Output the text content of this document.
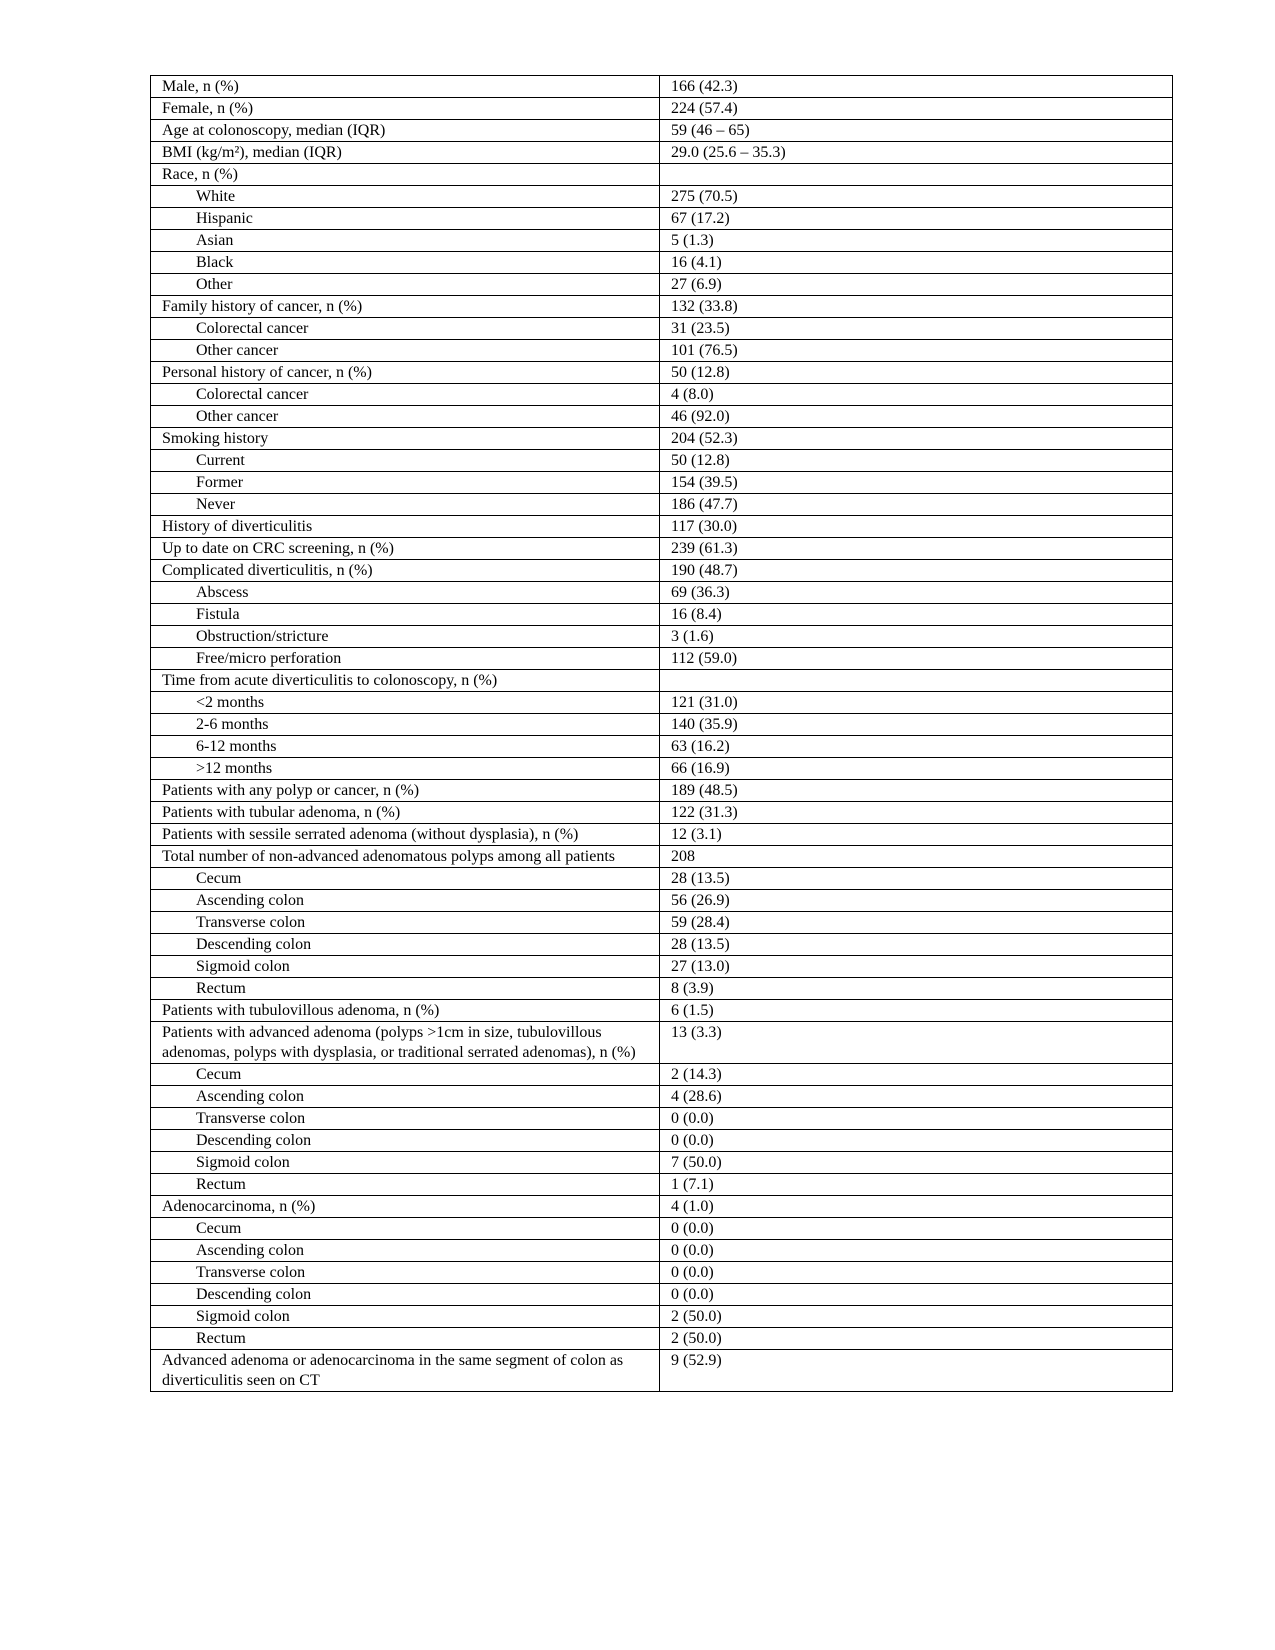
Male, n (%)	166 (42.3)
Female, n (%)	224 (57.4)
Age at colonoscopy, median (IQR)	59 (46 – 65)
BMI (kg/m²), median (IQR)	29.0 (25.6 – 35.3)
Race, n (%)	
White	275 (70.5)
Hispanic	67 (17.2)
Asian	5 (1.3)
Black	16 (4.1)
Other	27 (6.9)
Family history of cancer, n (%)	132 (33.8)
Colorectal cancer	31 (23.5)
Other cancer	101 (76.5)
Personal history of cancer, n (%)	50 (12.8)
Colorectal cancer	4 (8.0)
Other cancer	46 (92.0)
Smoking history	204 (52.3)
Current	50 (12.8)
Former	154 (39.5)
Never	186 (47.7)
History of diverticulitis	117 (30.0)
Up to date on CRC screening, n (%)	239 (61.3)
Complicated diverticulitis, n (%)	190 (48.7)
Abscess	69 (36.3)
Fistula	16 (8.4)
Obstruction/stricture	3 (1.6)
Free/micro perforation	112 (59.0)
Time from acute diverticulitis to colonoscopy, n (%)	
<2 months	121 (31.0)
2-6 months	140 (35.9)
6-12 months	63 (16.2)
>12 months	66 (16.9)
Patients with any polyp or cancer, n (%)	189 (48.5)
Patients with tubular adenoma, n (%)	122 (31.3)
Patients with sessile serrated adenoma (without dysplasia), n (%)	12 (3.1)
Total number of non-advanced adenomatous polyps among all patients	208
Cecum	28 (13.5)
Ascending colon	56 (26.9)
Transverse colon	59 (28.4)
Descending colon	28 (13.5)
Sigmoid colon	27 (13.0)
Rectum	8 (3.9)
Patients with tubulovillous adenoma, n (%)	6 (1.5)
Patients with advanced adenoma (polyps >1cm in size, tubulovillous adenomas, polyps with dysplasia, or traditional serrated adenomas), n (%)	13 (3.3)
Cecum	2 (14.3)
Ascending colon	4 (28.6)
Transverse colon	0 (0.0)
Descending colon	0 (0.0)
Sigmoid colon	7 (50.0)
Rectum	1 (7.1)
Adenocarcinoma, n (%)	4 (1.0)
Cecum	0 (0.0)
Ascending colon	0 (0.0)
Transverse colon	0 (0.0)
Descending colon	0 (0.0)
Sigmoid colon	2 (50.0)
Rectum	2 (50.0)
Advanced adenoma or adenocarcinoma in the same segment of colon as diverticulitis seen on CT	9 (52.9)
